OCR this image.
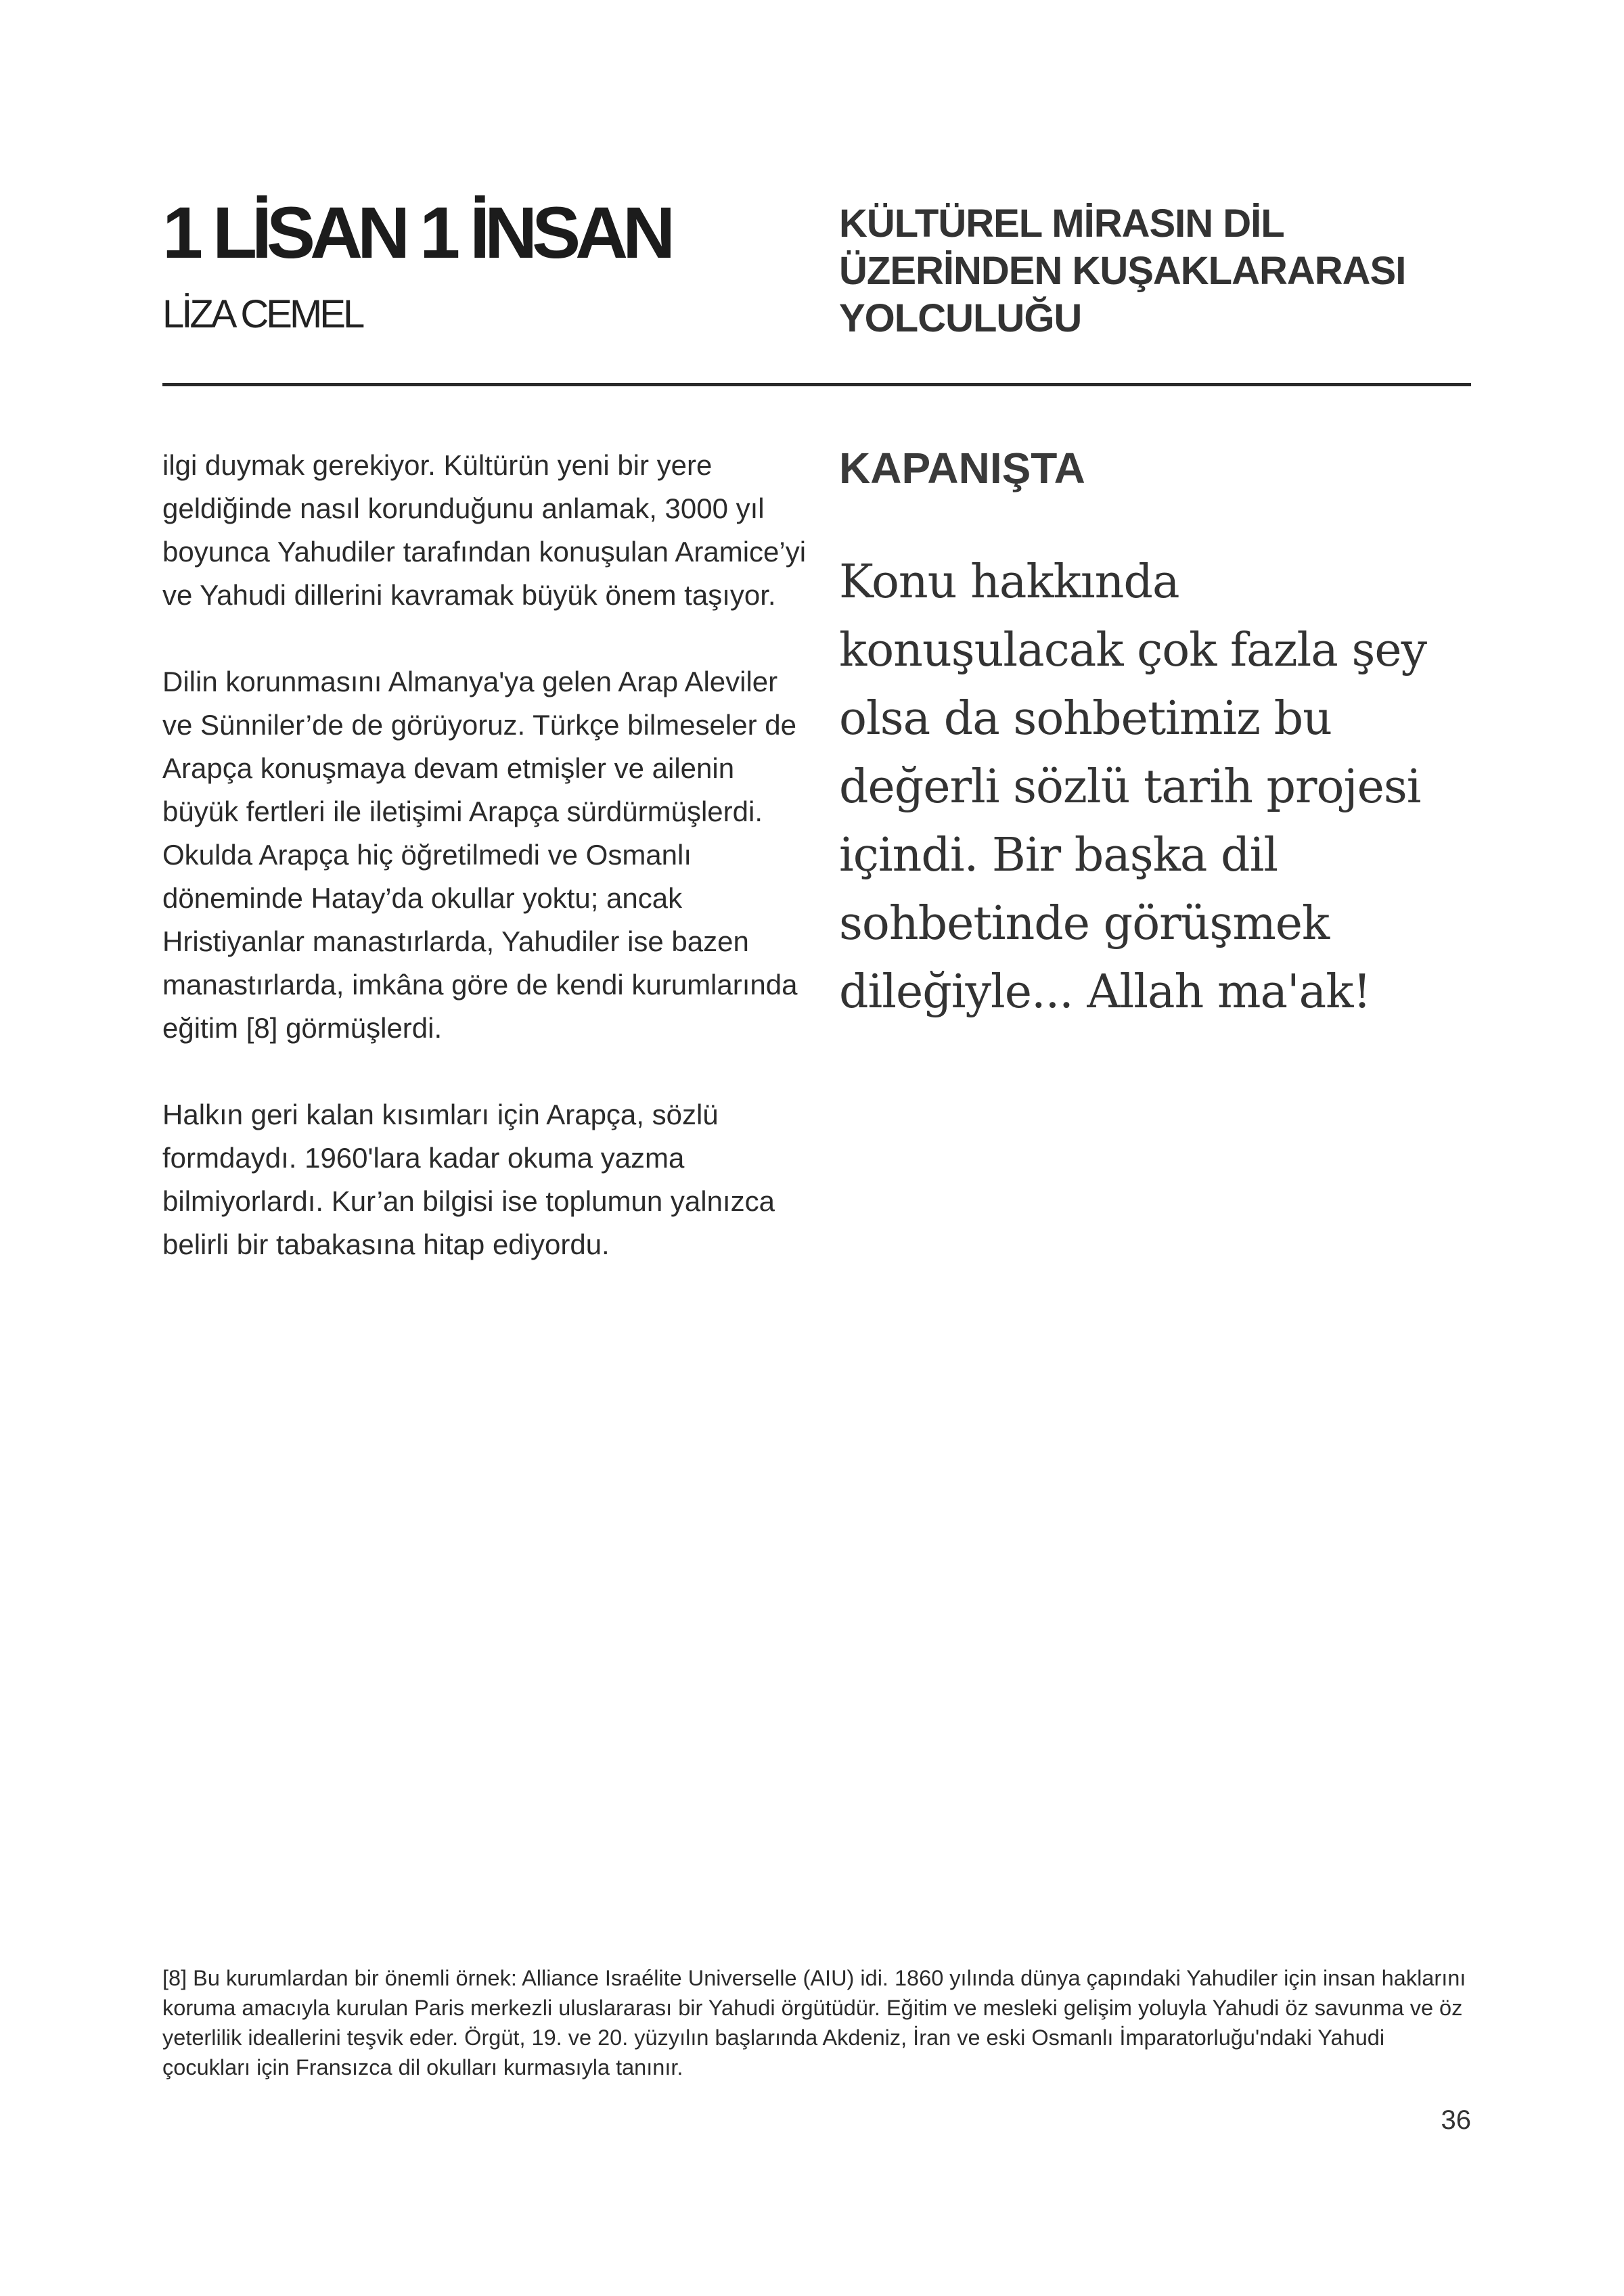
1 LİSAN 1 İNSAN

LİZA CEMEL

KÜLTÜREL MİRASIN DİL ÜZERİNDEN KUŞAKLARARASI YOLCULUĞU

ilgi duymak gerekiyor. Kültürün yeni bir yere geldiğinde nasıl korunduğunu anlamak, 3000 yıl boyunca Yahudiler tarafından konuşulan Aramice’yi ve Yahudi dillerini kavramak büyük önem taşıyor.

Dilin korunmasını Almanya'ya gelen Arap Aleviler ve Sünniler’de de görüyoruz. Türkçe bilmeseler de Arapça konuşmaya devam etmişler ve ailenin büyük fertleri ile iletişimi Arapça sürdürmüşlerdi. Okulda Arapça hiç öğretilmedi ve Osmanlı döneminde Hatay’da okullar yoktu; ancak Hristiyanlar manastırlarda, Yahudiler ise bazen manastırlarda, imkâna göre de kendi kurumlarında eğitim [8] görmüşlerdi.

Halkın geri kalan kısımları için Arapça, sözlü formdaydı. 1960'lara kadar okuma yazma bilmiyorlardı. Kur’an bilgisi ise toplumun yalnızca belirli bir tabakasına hitap ediyordu.

KAPANIŞTA

Konu hakkında konuşulacak çok fazla şey olsa da sohbetimiz bu değerli sözlü tarih projesi içindi. Bir başka dil sohbetinde görüşmek dileğiyle... Allah ma'ak!

[8] Bu kurumlardan bir önemli örnek: Alliance Israélite Universelle (AIU) idi. 1860 yılında dünya çapındaki Yahudiler için insan haklarını koruma amacıyla kurulan Paris merkezli uluslararası bir Yahudi örgütüdür. Eğitim ve mesleki gelişim yoluyla Yahudi öz savunma ve öz yeterlilik ideallerini teşvik eder. Örgüt, 19. ve 20. yüzyılın başlarında Akdeniz, İran ve eski Osmanlı İmparatorluğu'ndaki Yahudi çocukları için Fransızca dil okulları kurmasıyla tanınır.

36
